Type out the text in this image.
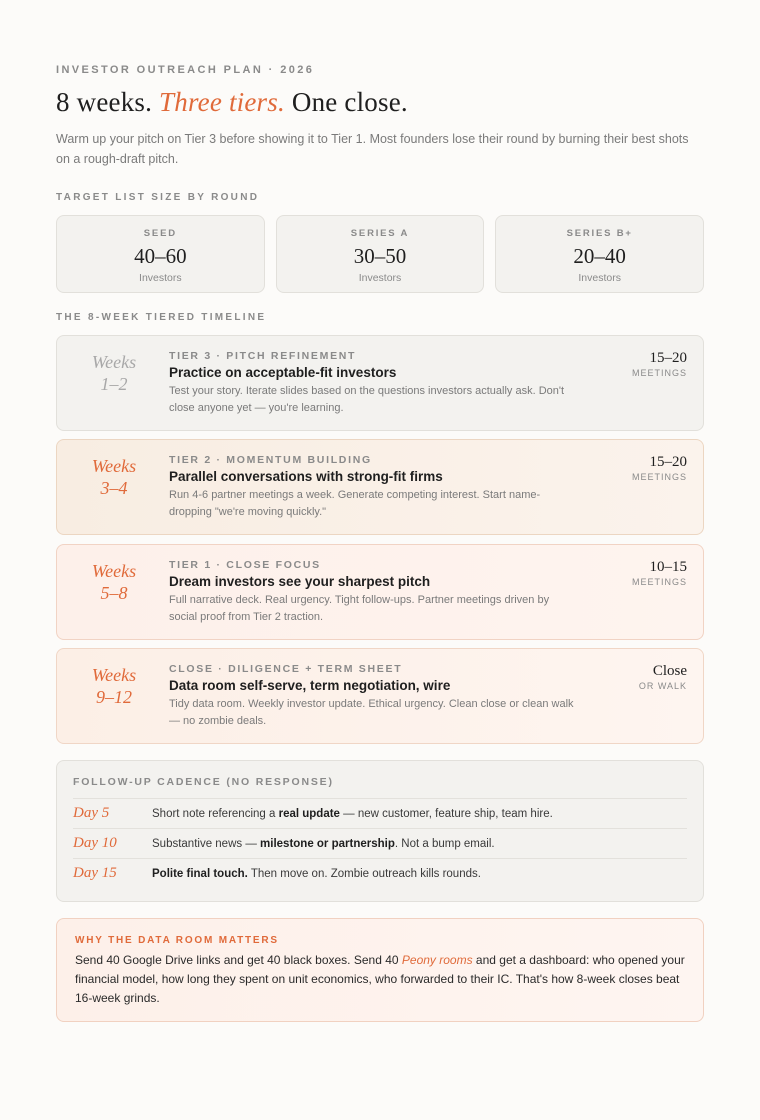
INVESTOR OUTREACH PLAN · 2026
8 weeks. Three tiers. One close.

Warm up your pitch on Tier 3 before showing it to Tier 1. Most founders lose their round by burning their best shots on a rough-draft pitch.

TARGET LIST SIZE BY ROUND
SEED
40–60
Investors
SERIES A
30–50
Investors
SERIES B+
20–40
Investors
THE 8-WEEK TIERED TIMELINE
Weeks
1–2
TIER 3 · PITCH REFINEMENT
Practice on acceptable-fit investors
Test your story. Iterate slides based on the questions investors actually ask. Don't close anyone yet — you're learning.
15–20
MEETINGS
Weeks
3–4
TIER 2 · MOMENTUM BUILDING
Parallel conversations with strong-fit firms
Run 4-6 partner meetings a week. Generate competing interest. Start name-dropping "we're moving quickly."
15–20
MEETINGS
Weeks
5–8
TIER 1 · CLOSE FOCUS
Dream investors see your sharpest pitch
Full narrative deck. Real urgency. Tight follow-ups. Partner meetings driven by social proof from Tier 2 traction.
10–15
MEETINGS
Weeks
9–12
CLOSE · DILIGENCE + TERM SHEET
Data room self-serve, term negotiation, wire
Tidy data room. Weekly investor update. Ethical urgency. Clean close or clean walk — no zombie deals.
Close
OR WALK
FOLLOW-UP CADENCE (NO RESPONSE)
Day 5	Short note referencing a real update — new customer, feature ship, team hire.
Day 10	Substantive news — milestone or partnership. Not a bump email.
Day 15	Polite final touch. Then move on. Zombie outreach kills rounds.
WHY THE DATA ROOM MATTERS

Send 40 Google Drive links and get 40 black boxes. Send 40 Peony rooms and get a dashboard: who opened your financial model, how long they spent on unit economics, who forwarded to their IC. That's how 8-week closes beat 16-week grinds.
